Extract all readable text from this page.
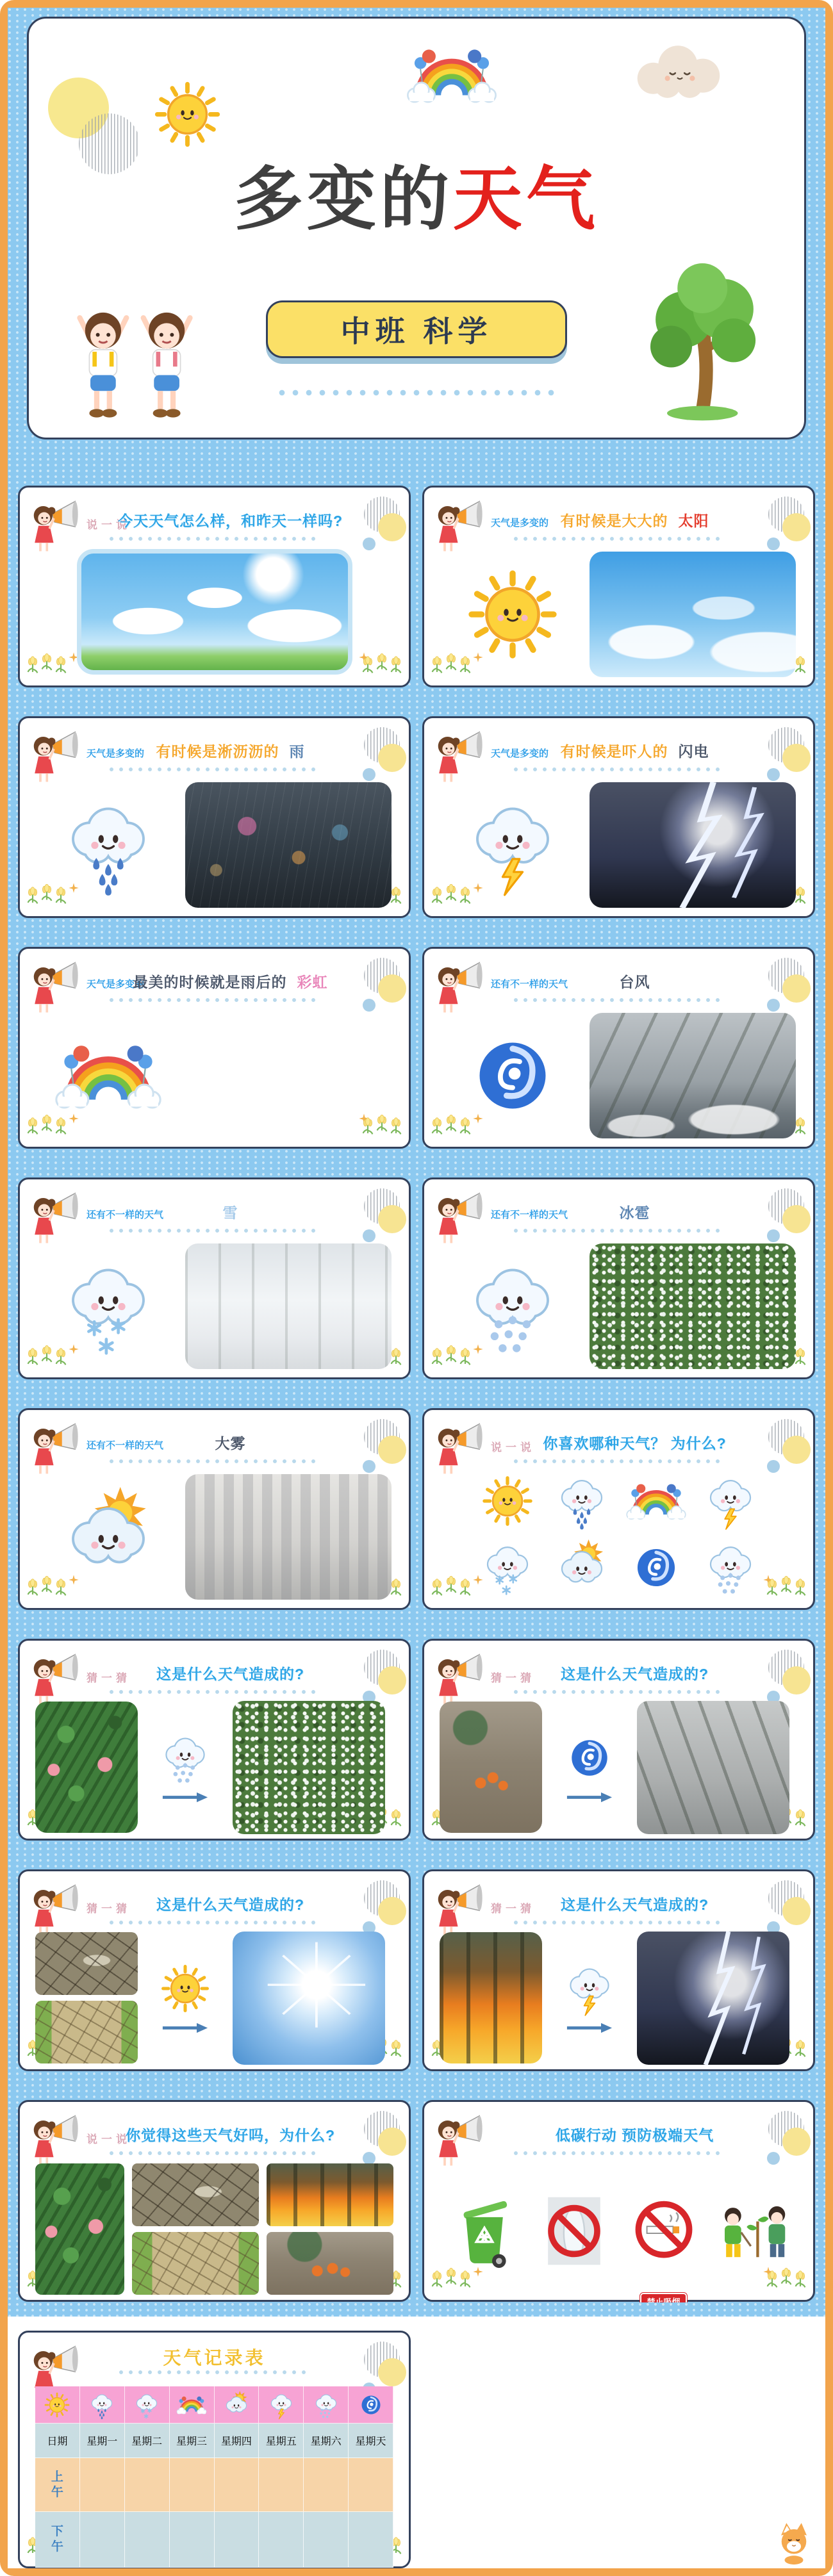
多变的天气
中班 科学
说一说
今天天气怎么样，和昨天一样吗?	天气是多变的 有时候是大大的 太阳
天气是多变的 有时候是淅沥沥的 雨	天气是多变的 有时候是吓人的 闪电
天气是多变的
最美的时候就是雨后的 彩虹	还有不一样的天气	台风
还有不一样的天气	雪	还有不一样的天气	冰雹
还有不一样的天气	大雾	说一说 你喜欢哪种天气？ 为什么?
猜一猜	这是什么天气造成的?	猜一猜	这是什么天气造成的?
猜一猜	这是什么天气造成的?	猜一猜	这是什么天气造成的?
说一说
你觉得这些天气好吗，为什么?	低碳行动 预防极端天气
天气记录表
日期 星期一 星期二 星期三 星期四 星期五 星期六 星期天
上
午
下
午
